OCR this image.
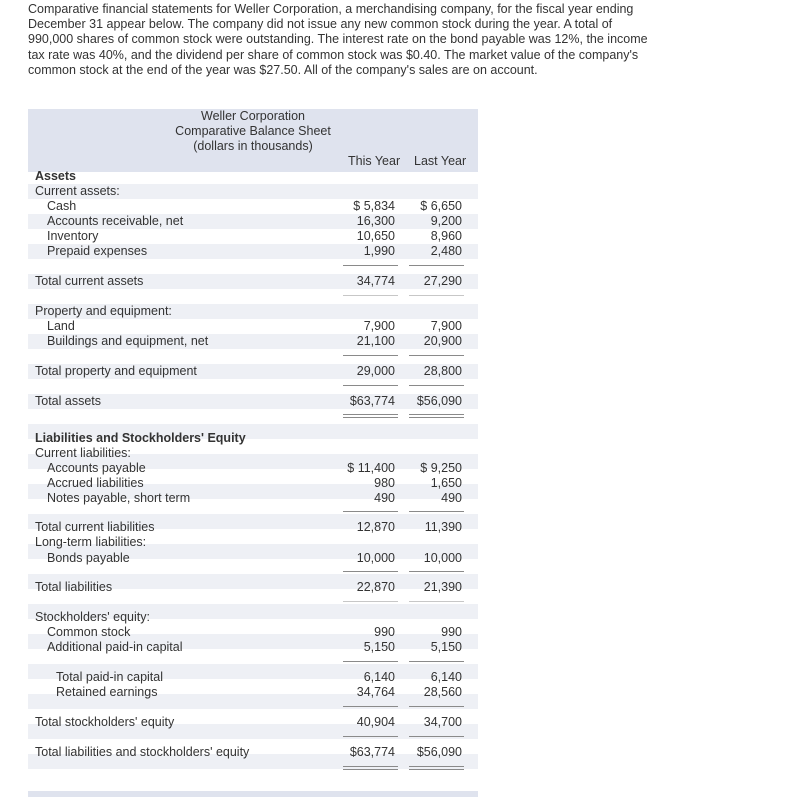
Comparative financial statements for Weller Corporation, a merchandising company, for the fiscal year ending December 31 appear below. The company did not issue any new common stock during the year. A total of 990,000 shares of common stock were outstanding. The interest rate on the bond payable was 12%, the income tax rate was 40%, and the dividend per share of common stock was $0.40. The market value of the company's common stock at the end of the year was $27.50. All of the company's sales are on account.
Weller Corporation
Comparative Balance Sheet
(dollars in thousands)
This Year Last Year
Assets
Current assets:
Cash	$ 5,834	$ 6,650
Accounts receivable, net	16,300	9,200
Inventory	10,650	8,960
Prepaid expenses	1,990	2,480
Total current assets	34,774	27,290
Property and equipment:
Land	7,900	7,900
Buildings and equipment, net	21,100	20,900
Total property and equipment	29,000	28,800
Total assets	$63,774	$56,090
Liabilities and Stockholders' Equity
Current liabilities:
Accounts payable	$ 11,400	$ 9,250
Accrued liabilities	980	1,650
Notes payable, short term	490	490
Total current liabilities	12,870	11,390
Long-term liabilities:
Bonds payable	10,000	10,000
Total liabilities	22,870	21,390
Stockholders' equity:
Common stock	990	990
Additional paid-in capital	5,150	5,150
Total paid-in capital	6,140	6,140
Retained earnings	34,764	28,560
Total stockholders' equity	40,904	34,700
Total liabilities and stockholders' equity	$63,774	$56,090
